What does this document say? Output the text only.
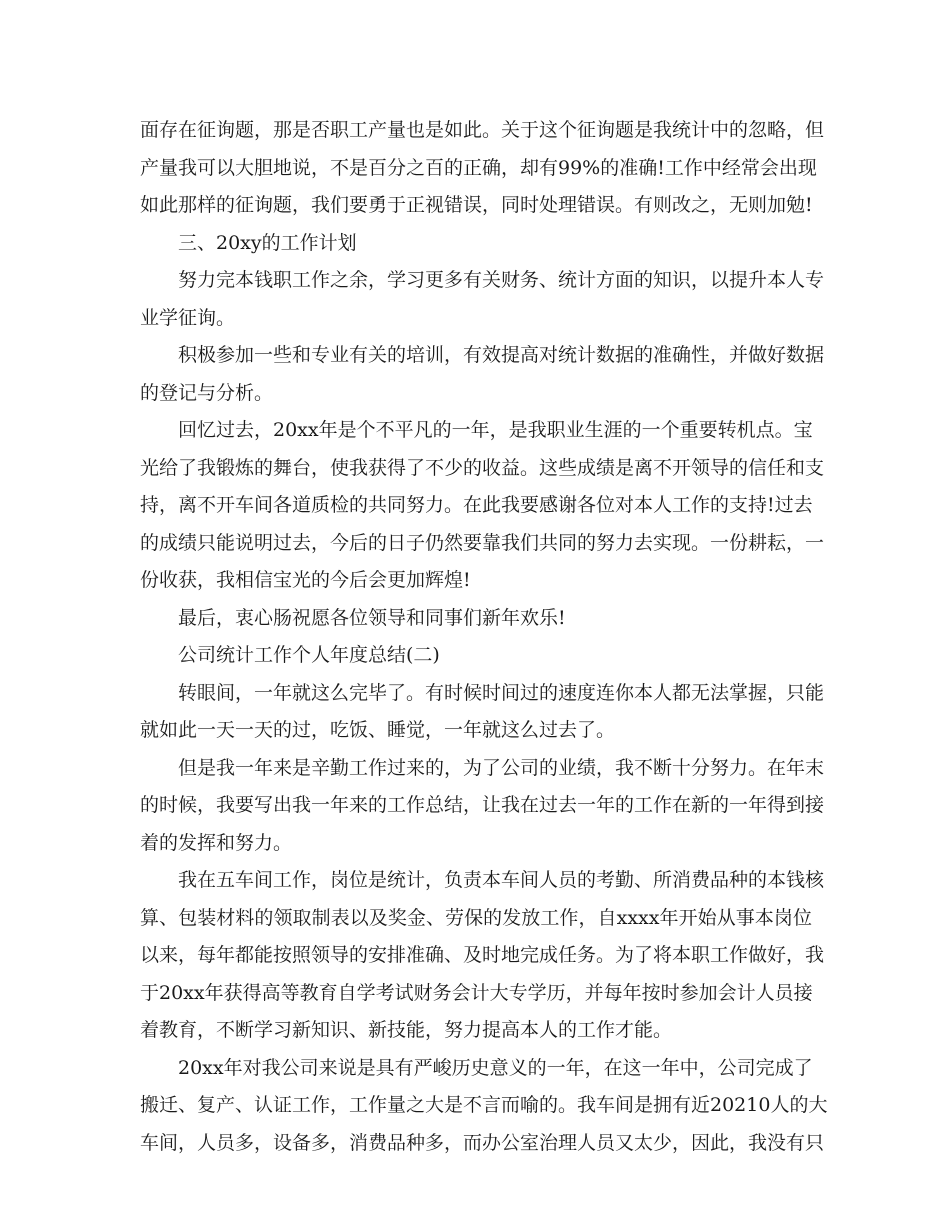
面存在征询题，那是否职工产量也是如此。关于这个征询题是我统计中的忽略，但
产量我可以大胆地说，不是百分之百的正确，却有99%的准确!工作中经常会出现
如此那样的征询题，我们要勇于正视错误，同时处理错误。有则改之，无则加勉!
三、20xy的工作计划
努力完本钱职工作之余，学习更多有关财务、统计方面的知识，以提升本人专
业学征询。
积极参加一些和专业有关的培训，有效提高对统计数据的准确性，并做好数据
的登记与分析。
回忆过去，20xx年是个不平凡的一年，是我职业生涯的一个重要转机点。宝
光给了我锻炼的舞台，使我获得了不少的收益。这些成绩是离不开领导的信任和支
持，离不开车间各道质检的共同努力。在此我要感谢各位对本人工作的支持!过去
的成绩只能说明过去，今后的日子仍然要靠我们共同的努力去实现。一份耕耘，一
份收获，我相信宝光的今后会更加辉煌!
最后，衷心肠祝愿各位领导和同事们新年欢乐!
公司统计工作个人年度总结(二)
转眼间，一年就这么完毕了。有时候时间过的速度连你本人都无法掌握，只能
就如此一天一天的过，吃饭、睡觉，一年就这么过去了。
但是我一年来是辛勤工作过来的，为了公司的业绩，我不断十分努力。在年末
的时候，我要写出我一年来的工作总结，让我在过去一年的工作在新的一年得到接
着的发挥和努力。
我在五车间工作，岗位是统计，负责本车间人员的考勤、所消费品种的本钱核
算、包装材料的领取制表以及奖金、劳保的发放工作，自xxxx年开始从事本岗位
以来，每年都能按照领导的安排准确、及时地完成任务。为了将本职工作做好，我
于20xx年获得高等教育自学考试财务会计大专学历，并每年按时参加会计人员接
着教育，不断学习新知识、新技能，努力提高本人的工作才能。
20xx年对我公司来说是具有严峻历史意义的一年，在这一年中，公司完成了
搬迁、复产、认证工作，工作量之大是不言而喻的。我车间是拥有近20210人的大
车间，人员多，设备多，消费品种多，而办公室治理人员又太少，因此，我没有只
